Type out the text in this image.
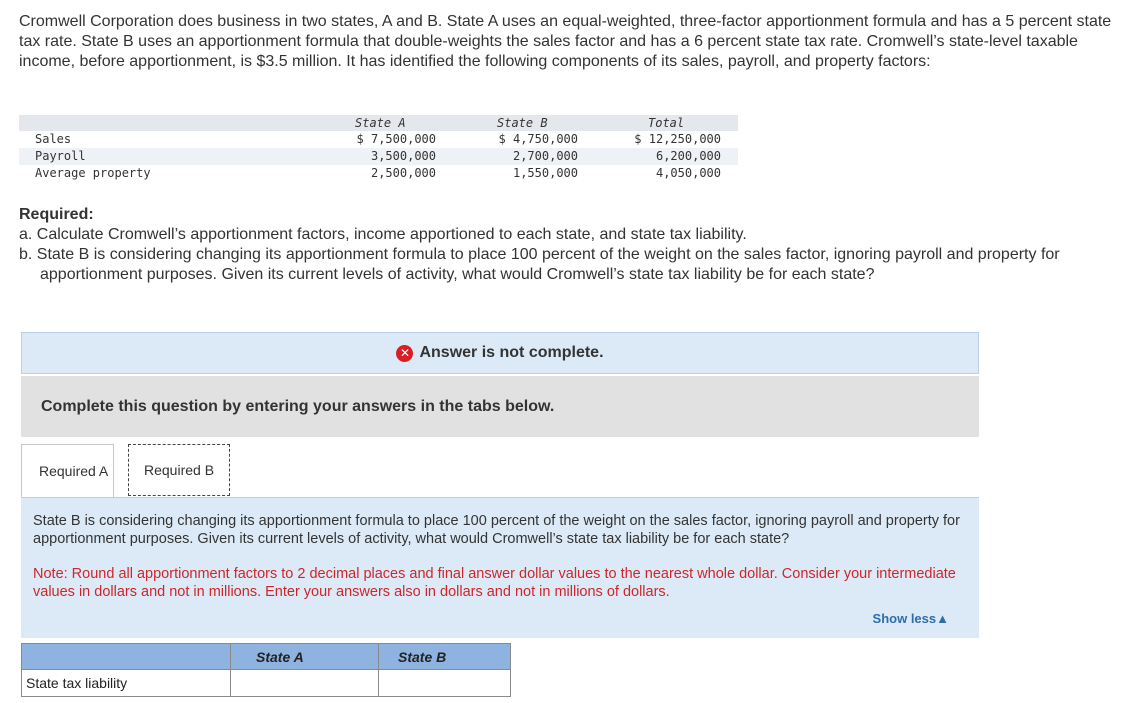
Cromwell Corporation does business in two states, A and B. State A uses an equal-weighted, three-factor apportionment formula and has a 5 percent state tax rate. State B uses an apportionment formula that double-weights the sales factor and has a 6 percent state tax rate. Cromwell’s state-level taxable income, before apportionment, is $3.5 million. It has identified the following components of its sales, payroll, and property factors:
State A	State B	Total
Sales	$ 7,500,000	$ 4,750,000	$ 12,250,000
Payroll	3,500,000	2,700,000	6,200,000
Average property	2,500,000	1,550,000	4,050,000
Required:
a. Calculate Cromwell’s apportionment factors, income apportioned to each state, and state tax liability.
b. State B is considering changing its apportionment formula to place 100 percent of the weight on the sales factor, ignoring payroll and property for apportionment purposes. Given its current levels of activity, what would Cromwell’s state tax liability be for each state?
✕ Answer is not complete.
Complete this question by entering your answers in the tabs below.
Required A	Required B
State B is considering changing its apportionment formula to place 100 percent of the weight on the sales factor, ignoring payroll and property for apportionment purposes. Given its current levels of activity, what would Cromwell’s state tax liability be for each state?
Note: Round all apportionment factors to 2 decimal places and final answer dollar values to the nearest whole dollar. Consider your intermediate values in dollars and not in millions. Enter your answers also in dollars and not in millions of dollars.
Show less▲
	State A	State B
State tax liability		
